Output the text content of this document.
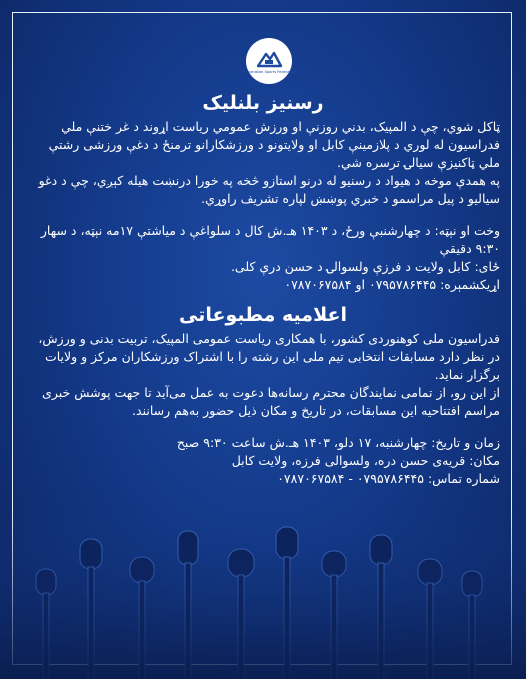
Afghanistan Sports Federation
رسنيز بلنليک

ټاکل شوي، چې د المپیک، بدني روزنې او ورزش عمومي ریاست اړوند د غر ختنې ملي فدراسیون له لوري د پلازمینې کابل او ولایتونو د ورزشکارانو ترمنځ د دغې ورزشی رشتې ملي ټاکنیزې سیالۍ ترسره شي.

په همدې موخه د هیواد د رسنیو له درنو استازو څخه په خورا درنښت هیله کېږي، چې د دغو سیالیو د پیل مراسمو د خبري پوښښ لپاره تشریف راوړي.

وخت او نېټه: د چهارشنبې ورځ، د ۱۴۰۳ هـ.ش کال د سلواغې د میاشتې ۱۷مه نېټه، د سهار ۹:۳۰ دقیقې

ځای: کابل ولایت د فرزې ولسوالۍ د حسن درې کلی.

اړیکشمېره: ۰۷۹۵۷۸۶۴۴۵ او ۰۷۸۷۰۶۷۵۸۴

اعلامیه مطبوعاتی

فدراسیون ملی کوهنوردی کشور، با همکاری ریاست عمومی المپیک، تربیت بدنی و ورزش، در نظر دارد مسابقات انتخابی تیم ملی این رشته را با اشتراک ورزشکاران مرکز و ولایات برگزار نماید.

از این رو، از تمامی نمایندگان محترم رسانه‌ها دعوت به عمل می‌آید تا جهت پوشش خبری مراسم افتتاحیه این مسابقات، در تاریخ و مکان ذیل حضور به‌هم رسانند.

زمان و تاریخ: چهارشنبه، ۱۷ دلو، ۱۴۰۳ هـ.ش ساعت ۹:۳۰ صبح

مکان: قریه‌ی حسن دره، ولسوالی فرزه، ولایت کابل

شماره تماس: ۰۷۹۵۷۸۶۴۴۵ - ۰۷۸۷۰۶۷۵۸۴
